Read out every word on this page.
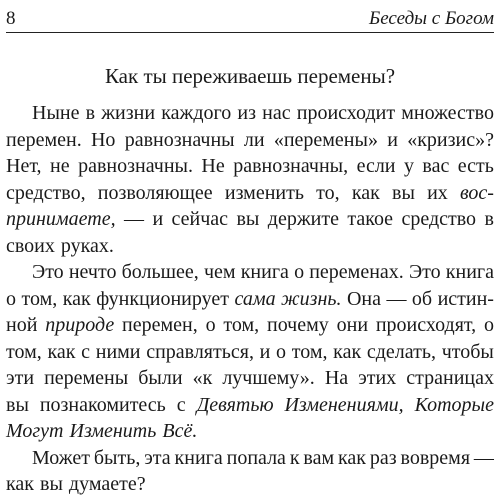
8	Беседы с Богом
Как ты переживаешь перемены?
Ныне в жизни каждого из нас происходит множество
перемен. Но равнозначны ли «перемены» и «кризис»?
Нет, не равнозначны. Не равнозначны, если у вас есть
средство, позволяющее изменить то, как вы их вос-
принимаете, — и сейчас вы держите такое средство в
своих руках.
Это нечто большее, чем книга о переменах. Это книга
о том, как функционирует сама жизнь. Она — об истин-
ной природе перемен, о том, почему они происходят, о
том, как с ними справляться, и о том, как сделать, чтобы
эти перемены были «к лучшему». На этих страницах
вы познакомитесь с Девятью Изменениями, Которые
Могут Изменить Всё.
Может быть, эта книга попала к вам как раз вовремя —
как вы думаете?
